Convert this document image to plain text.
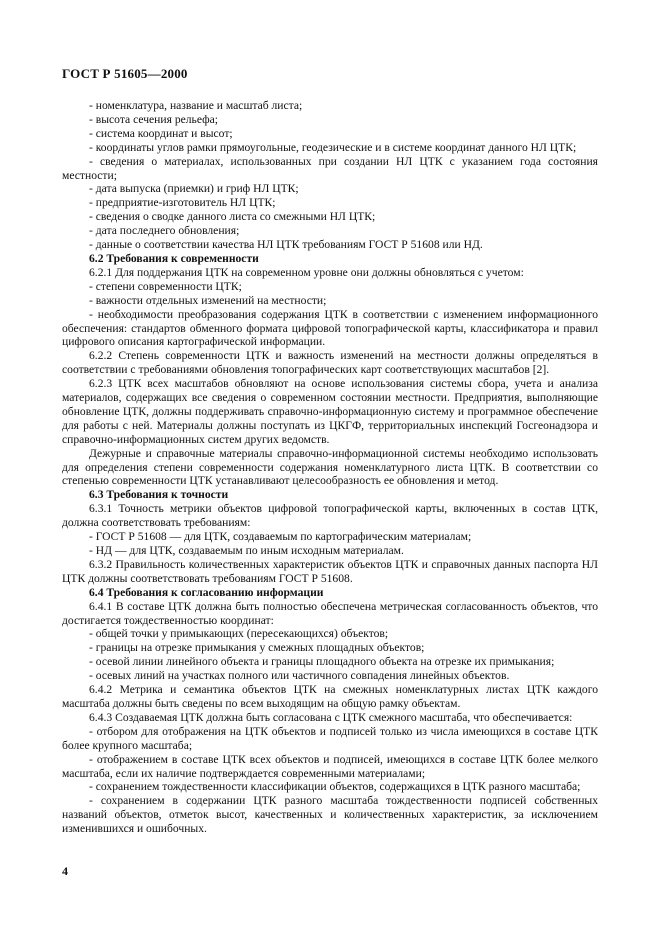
ГОСТ Р 51605—2000

- номенклатура, название и масштаб листа;

- высота сечения рельефа;

- система координат и высот;

- координаты углов рамки прямоугольные, геодезические и в системе координат данного НЛ ЦТК;

- сведения о материалах, использованных при создании НЛ ЦТК с указанием года состояния местности;

- дата выпуска (приемки) и гриф НЛ ЦТК;

- предприятие-изготовитель НЛ ЦТК;

- сведения о сводке данного листа со смежными НЛ ЦТК;

- дата последнего обновления;

- данные о соответствии качества НЛ ЦТК требованиям ГОСТ Р 51608 или НД.

6.2 Требования к современности

6.2.1 Для поддержания ЦТК на современном уровне они должны обновляться с учетом:

- степени современности ЦТК;

- важности отдельных изменений на местности;

- необходимости преобразования содержания ЦТК в соответствии с изменением информационного обеспечения: стандартов обменного формата цифровой топографической карты, классификатора и правил цифрового описания картографической информации.

6.2.2 Степень современности ЦТК и важность изменений на местности должны определяться в соответствии с требованиями обновления топографических карт соответствующих масштабов [2].

6.2.3 ЦТК всех масштабов обновляют на основе использования системы сбора, учета и анализа материалов, содержащих все сведения о современном состоянии местности. Предприятия, выполняющие обновление ЦТК, должны поддерживать справочно-информационную систему и программное обеспечение для работы с ней. Материалы должны поступать из ЦКГФ, территориальных инспекций Госгеонадзора и справочно-информационных систем других ведомств.

Дежурные и справочные материалы справочно-информационной системы необходимо использовать для определения степени современности содержания номенклатурного листа ЦТК. В соответствии со степенью современности ЦТК устанавливают целесообразность ее обновления и метод.

6.3 Требования к точности

6.3.1 Точность метрики объектов цифровой топографической карты, включенных в состав ЦТК, должна соответствовать требованиям:

- ГОСТ Р 51608 — для ЦТК, создаваемым по картографическим материалам;

- НД — для ЦТК, создаваемым по иным исходным материалам.

6.3.2 Правильность количественных характеристик объектов ЦТК и справочных данных паспорта НЛ ЦТК должны соответствовать требованиям ГОСТ Р 51608.

6.4 Требования к согласованию информации

6.4.1 В составе ЦТК должна быть полностью обеспечена метрическая согласованность объектов, что достигается тождественностью координат:

- общей точки у примыкающих (пересекающихся) объектов;

- границы на отрезке примыкания у смежных площадных объектов;

- осевой линии линейного объекта и границы площадного объекта на отрезке их примыкания;

- осевых линий на участках полного или частичного совпадения линейных объектов.

6.4.2 Метрика и семантика объектов ЦТК на смежных номенклатурных листах ЦТК каждого масштаба должны быть сведены по всем выходящим на общую рамку объектам.

6.4.3 Создаваемая ЦТК должна быть согласована с ЦТК смежного масштаба, что обеспечивается:

- отбором для отображения на ЦТК объектов и подписей только из числа имеющихся в составе ЦТК более крупного масштаба;

- отображением в составе ЦТК всех объектов и подписей, имеющихся в составе ЦТК более мелкого масштаба, если их наличие подтверждается современными материалами;

- сохранением тождественности классификации объектов, содержащихся в ЦТК разного масштаба;

- сохранением в содержании ЦТК разного масштаба тождественности подписей собственных названий объектов, отметок высот, качественных и количественных характеристик, за исключением изменившихся и ошибочных.

4
